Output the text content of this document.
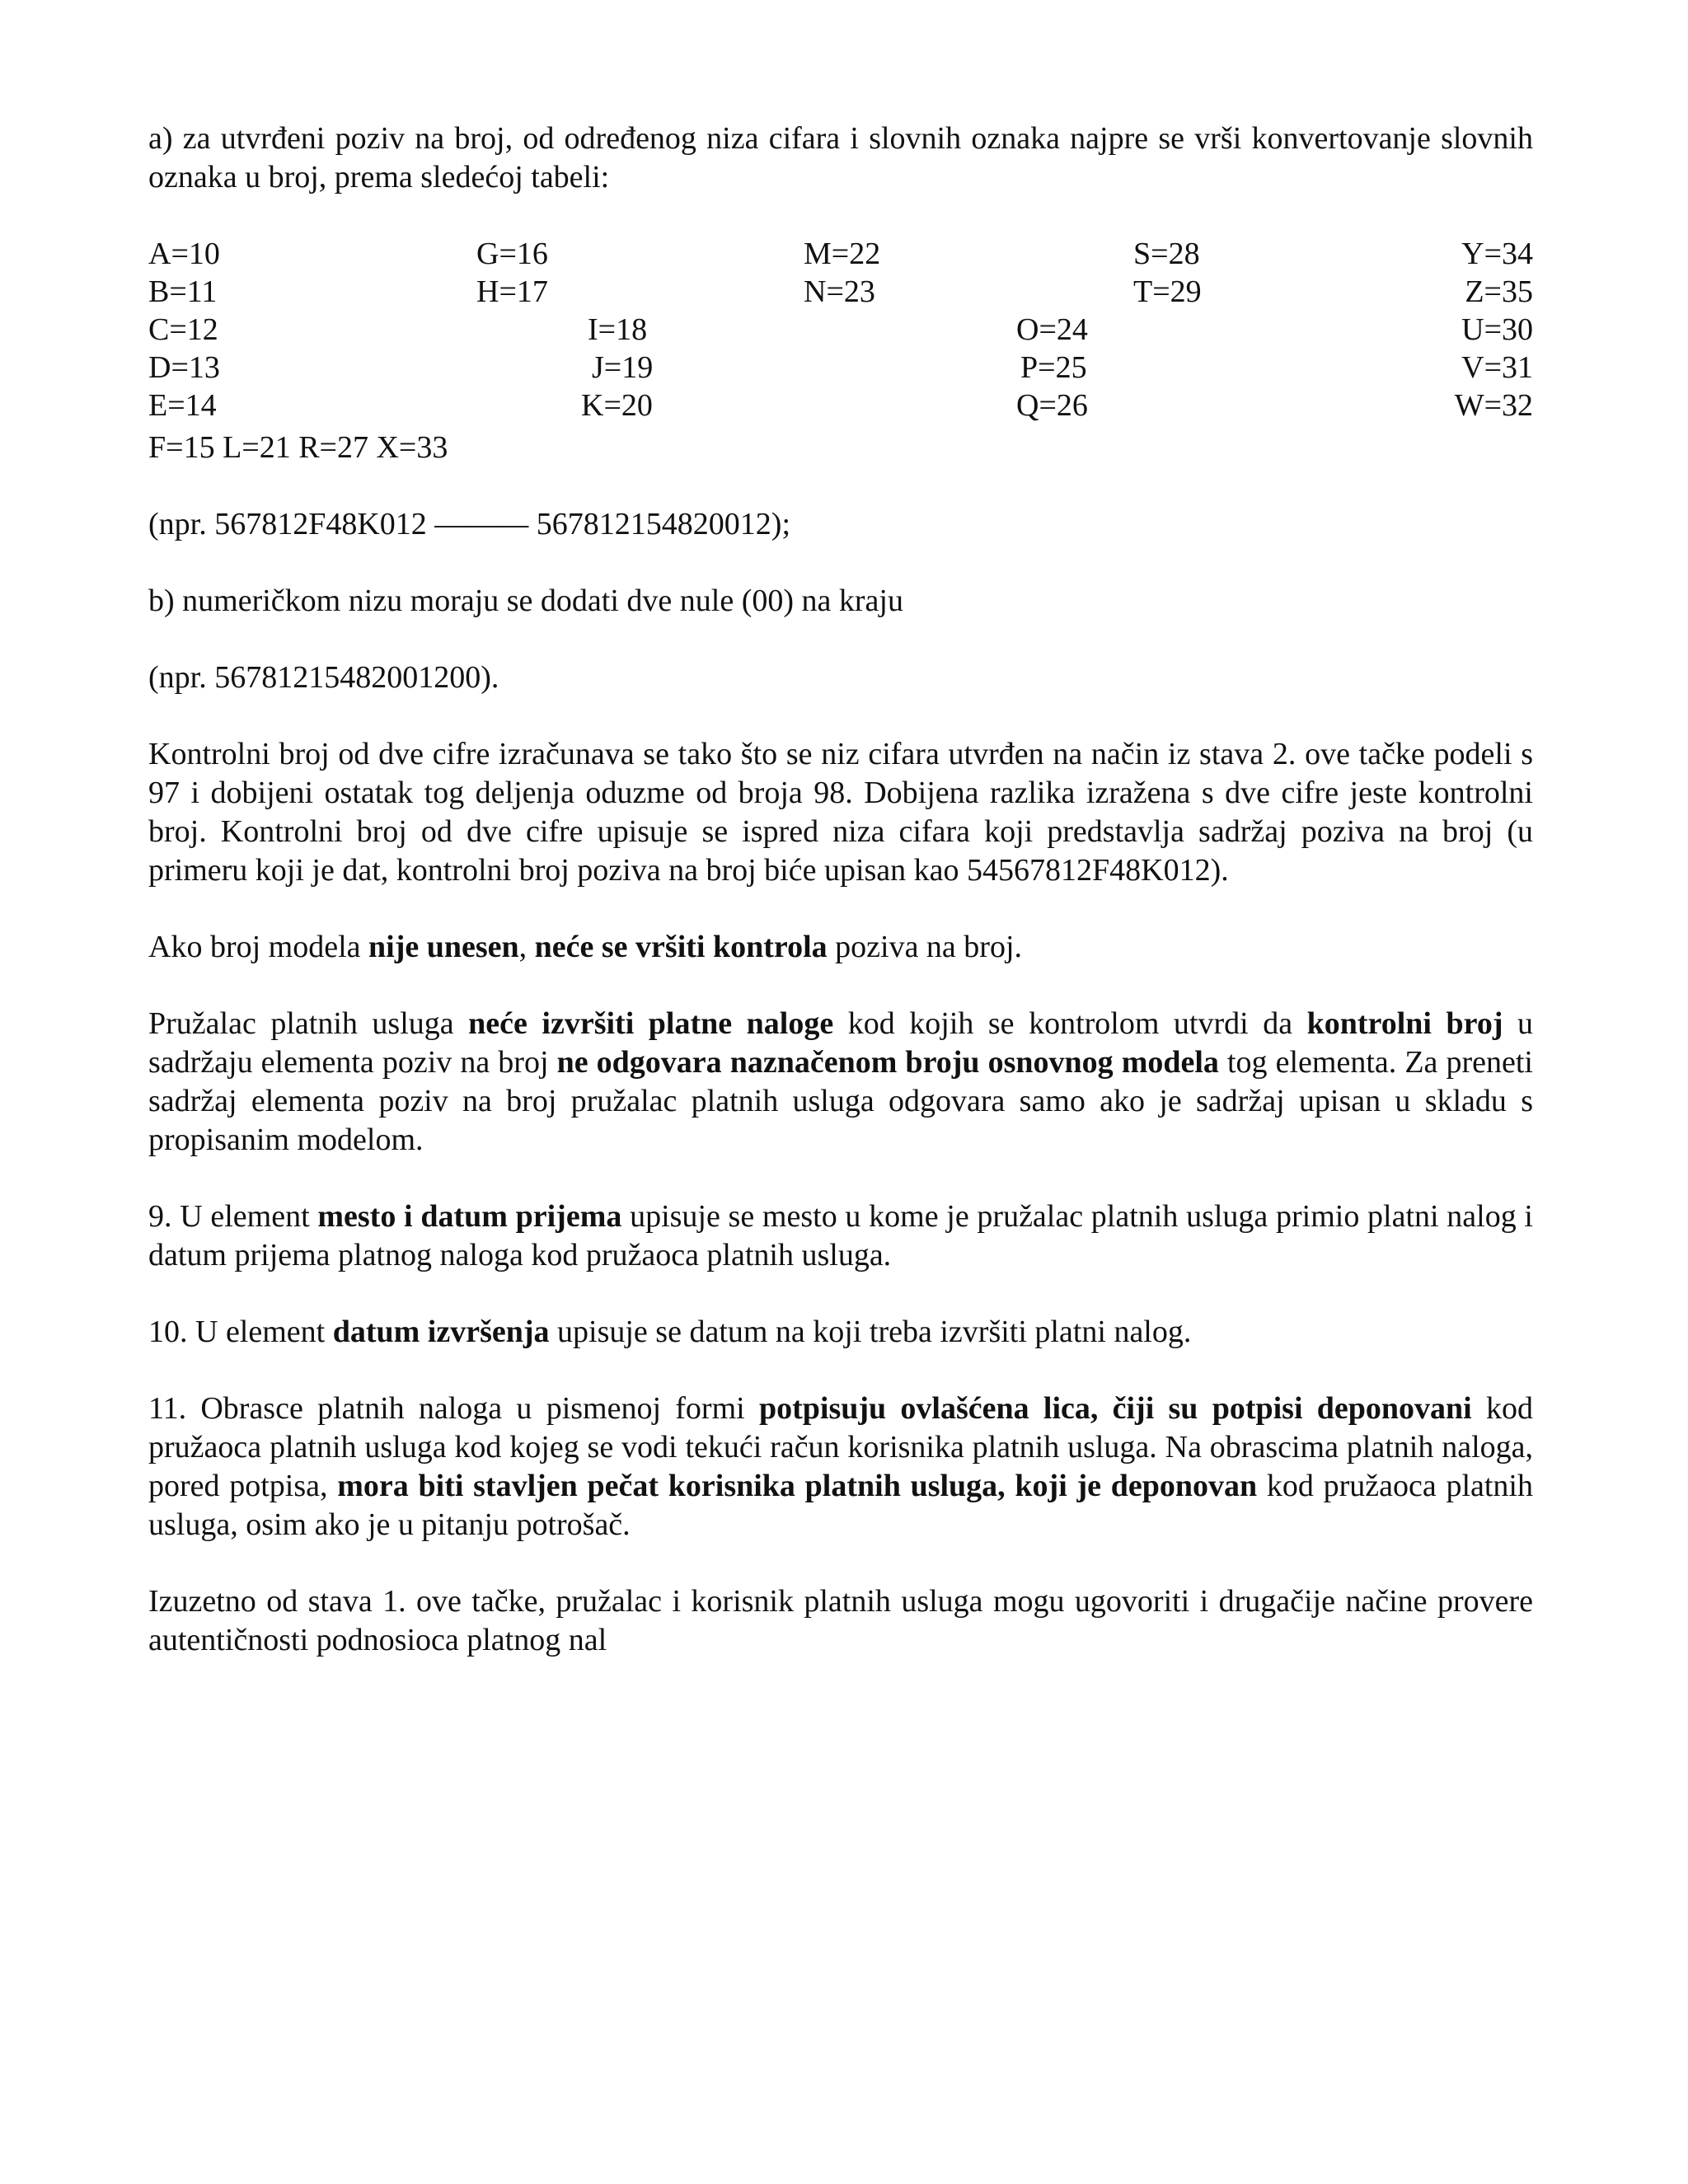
a) za utvrđeni poziv na broj, od određenog niza cifara i slovnih oznaka najpre se vrši konvertovanje slovnih oznaka u broj, prema sledećoj tabeli:

A=10	G=16	M=22	S=28	Y=34
B=11	H=17	N=23	T=29	Z=35
C=12	I=18	O=24	U=30
D=13	J=19	P=25	V=31
E=14	K=20	Q=26	W=32

F=15 L=21 R=27 X=33

(npr. 567812F48K012 ——— 567812154820012);

b) numeričkom nizu moraju se dodati dve nule (00) na kraju

(npr. 56781215482001200).

Kontrolni broj od dve cifre izračunava se tako što se niz cifara utvrđen na način iz stava 2. ove tačke podeli s 97 i dobijeni ostatak tog deljenja oduzme od broja 98. Dobijena razlika izražena s dve cifre jeste kontrolni broj. Kontrolni broj od dve cifre upisuje se ispred niza cifara koji predstavlja sadržaj poziva na broj (u primeru koji je dat, kontrolni broj poziva na broj biće upisan kao 54567812F48K012).

Ako broj modela nije unesen, neće se vršiti kontrola poziva na broj.

Pružalac platnih usluga neće izvršiti platne naloge kod kojih se kontrolom utvrdi da kontrolni broj u sadržaju elementa poziv na broj ne odgovara naznačenom broju osnovnog modela tog elementa. Za preneti sadržaj elementa poziv na broj pružalac platnih usluga odgovara samo ako je sadržaj upisan u skladu s propisanim modelom.

9. U element mesto i datum prijema upisuje se mesto u kome je pružalac platnih usluga primio platni nalog i datum prijema platnog naloga kod pružaoca platnih usluga.

10. U element datum izvršenja upisuje se datum na koji treba izvršiti platni nalog.

11. Obrasce platnih naloga u pismenoj formi potpisuju ovlašćena lica, čiji su potpisi deponovani kod pružaoca platnih usluga kod kojeg se vodi tekući račun korisnika platnih usluga. Na obrascima platnih naloga, pored potpisa, mora biti stavljen pečat korisnika platnih usluga, koji je deponovan kod pružaoca platnih usluga, osim ako je u pitanju potrošač.

Izuzetno od stava 1. ove tačke, pružalac i korisnik platnih usluga mogu ugovoriti i drugačije načine provere autentičnosti podnosioca platnog nal
